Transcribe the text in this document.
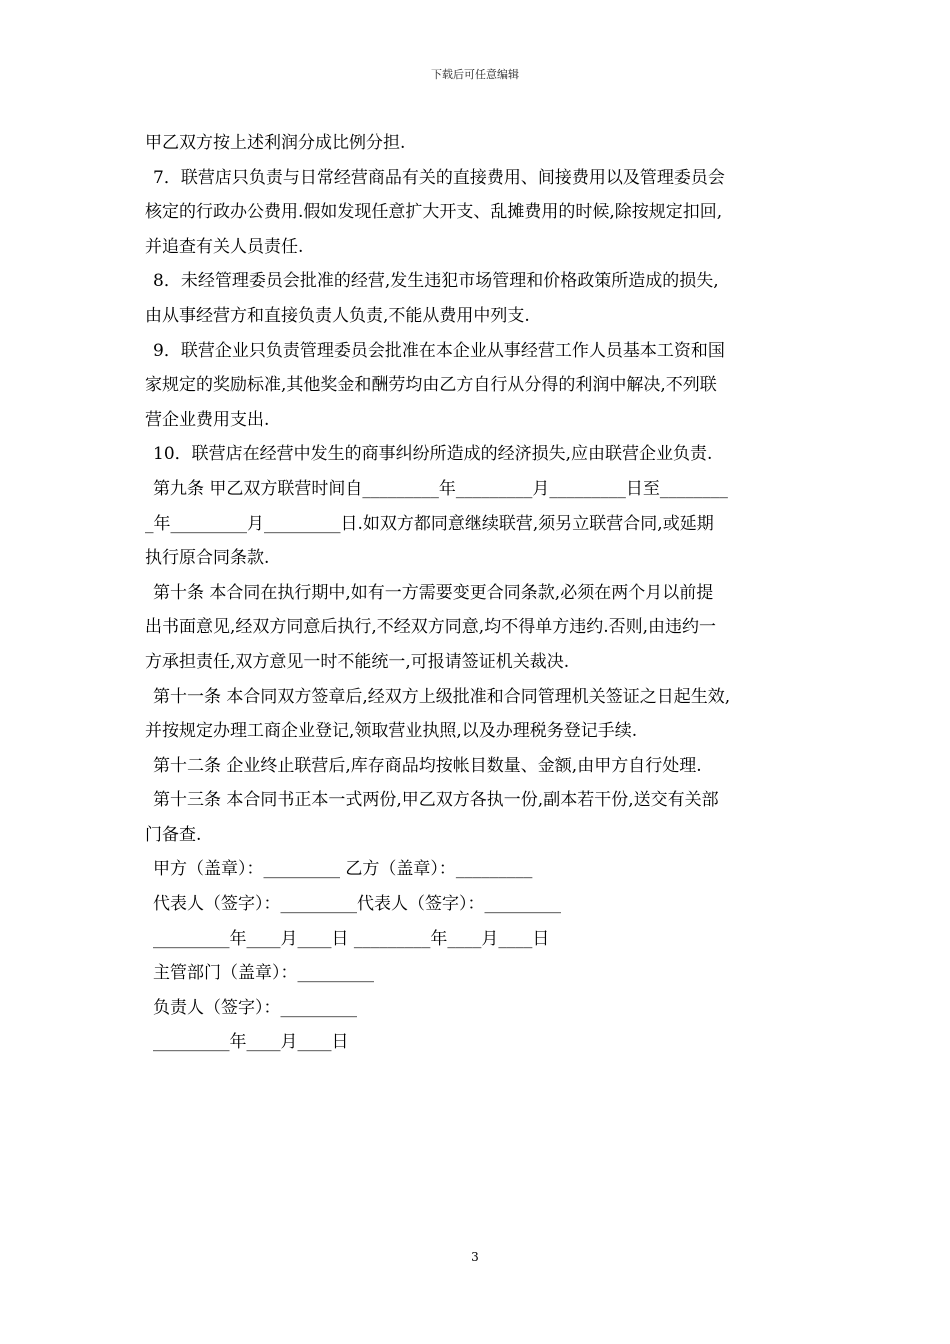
下载后可任意编辑
甲乙双方按上述利润分成比例分担.
7．联营店只负责与日常经营商品有关的直接费用、间接费用以及管理委员会
核定的行政办公费用.假如发现任意扩大开支、乱摊费用的时候,除按规定扣回,
并追查有关人员责任.
8．未经管理委员会批准的经营,发生违犯市场管理和价格政策所造成的损失,
由从事经营方和直接负责人负责,不能从费用中列支.
9．联营企业只负责管理委员会批准在本企业从事经营工作人员基本工资和国
家规定的奖励标准,其他奖金和酬劳均由乙方自行从分得的利润中解决,不列联
营企业费用支出.
10．联营店在经营中发生的商事纠纷所造成的经济损失,应由联营企业负责.
第九条 甲乙双方联营时间自_________年_________月_________日至________
_年_________月_________日.如双方都同意继续联营,须另立联营合同,或延期
执行原合同条款.
第十条 本合同在执行期中,如有一方需要变更合同条款,必须在两个月以前提
出书面意见,经双方同意后执行,不经双方同意,均不得单方违约.否则,由违约一
方承担责任,双方意见一时不能统一,可报请签证机关裁决.
第十一条 本合同双方签章后,经双方上级批准和合同管理机关签证之日起生效,
并按规定办理工商企业登记,领取营业执照,以及办理税务登记手续.
第十二条 企业终止联营后,库存商品均按帐目数量、金额,由甲方自行处理.
第十三条 本合同书正本一式两份,甲乙双方各执一份,副本若干份,送交有关部
门备查.
甲方（盖章）：_________ 乙方（盖章）：_________
代表人（签字）：_________代表人（签字）：_________
_________年____月____日 _________年____月____日
主管部门（盖章）：_________
负责人（签字）：_________
_________年____月____日
3
